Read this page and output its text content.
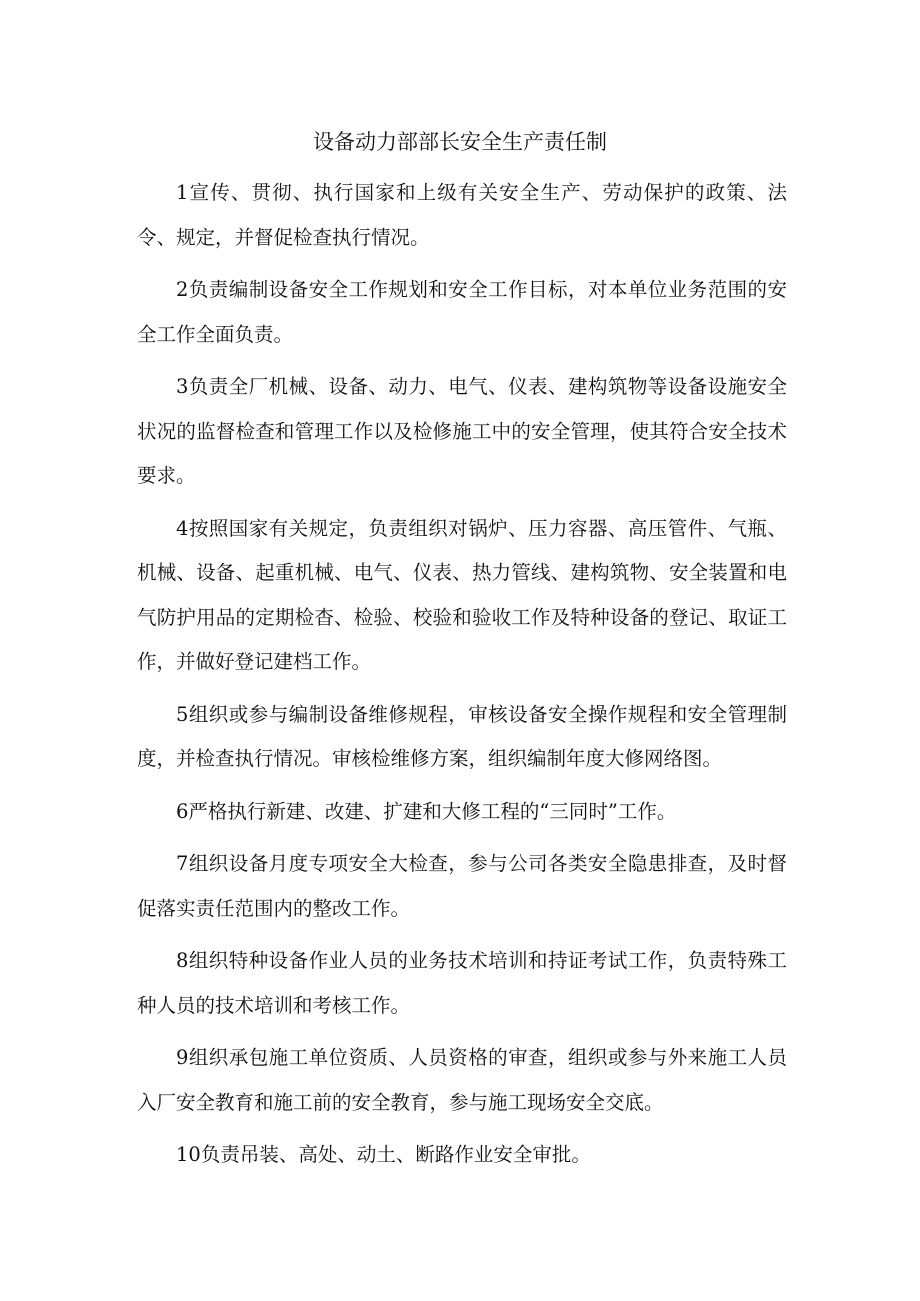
设备动力部部长安全生产责任制

1宣传、贯彻、执行国家和上级有关安全生产、劳动保护的政策、法令、规定，并督促检查执行情况。

2负责编制设备安全工作规划和安全工作目标，对本单位业务范围的安全工作全面负责。

3负责全厂机械、设备、动力、电气、仪表、建构筑物等设备设施安全状况的监督检查和管理工作以及检修施工中的安全管理，使其符合安全技术要求。

4按照国家有关规定，负责组织对锅炉、压力容器、高压管件、气瓶、机械、设备、起重机械、电气、仪表、热力管线、建构筑物、安全装置和电气防护用品的定期检杳、检验、校验和验收工作及特种设备的登记、取证工作，并做好登记建档工作。

5组织或参与编制设备维修规程，审核设备安全操作规程和安全管理制度，并检查执行情况。审核检维修方案，组织编制年度大修网络图。

6严格执行新建、改建、扩建和大修工程的“三同时”工作。

7组织设备月度专项安全大检查，参与公司各类安全隐患排查，及时督促落实责任范围内的整改工作。

8组织特种设备作业人员的业务技术培训和持证考试工作，负责特殊工种人员的技术培训和考核工作。

9组织承包施工单位资质、人员资格的审查，组织或参与外来施工人员入厂安全教育和施工前的安全教育，参与施工现场安全交底。

10负责吊装、高处、动土、断路作业安全审批。
